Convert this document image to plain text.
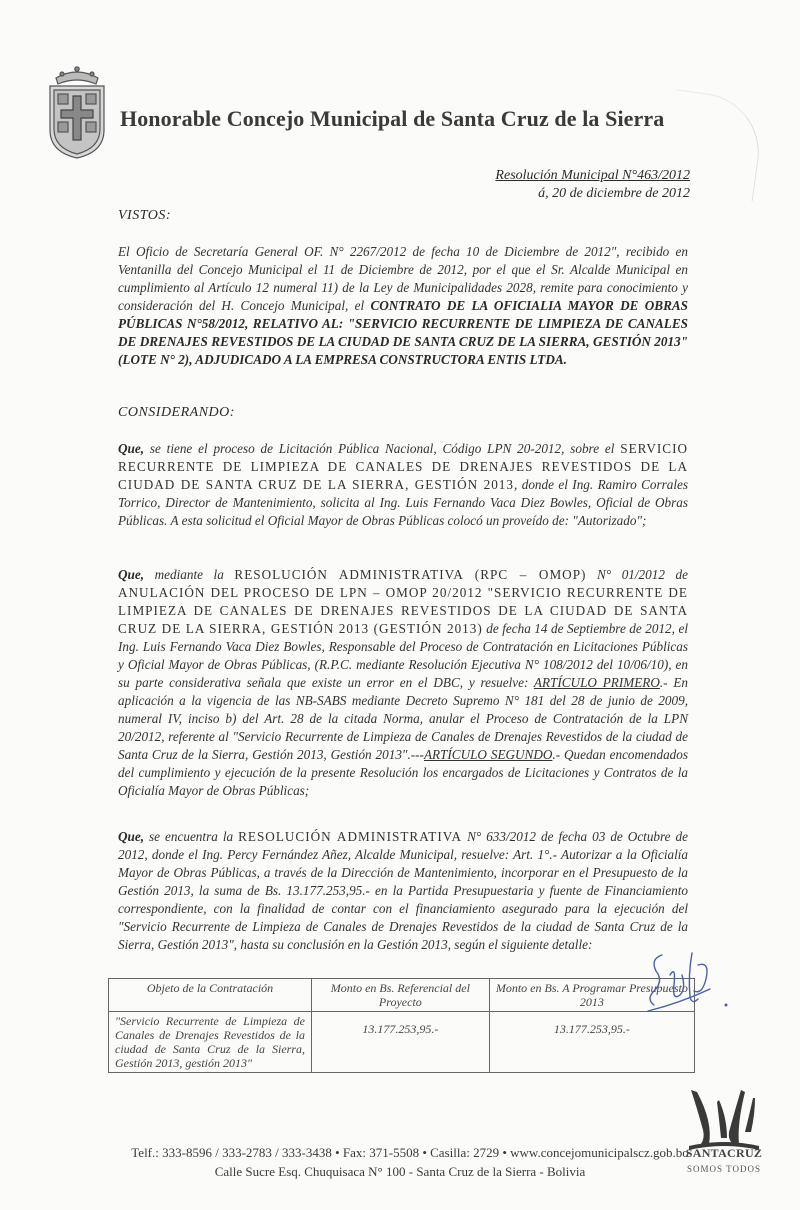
Honorable Concejo Municipal de Santa Cruz de la Sierra
Resolución Municipal N°463/2012
á, 20 de diciembre de 2012
VISTOS:
El Oficio de Secretaría General OF. N° 2267/2012 de fecha 10 de Diciembre de 2012", recibido en Ventanilla del Concejo Municipal el 11 de Diciembre de 2012, por el que el Sr. Alcalde Municipal en cumplimiento al Artículo 12 numeral 11) de la Ley de Municipalidades 2028, remite para conocimiento y consideración del H. Concejo Municipal, el CONTRATO DE LA OFICIALIA MAYOR DE OBRAS PÚBLICAS N°58/2012, RELATIVO AL: "SERVICIO RECURRENTE DE LIMPIEZA DE CANALES DE DRENAJES REVESTIDOS DE LA CIUDAD DE SANTA CRUZ DE LA SIERRA, GESTIÓN 2013" (LOTE N° 2), ADJUDICADO A LA EMPRESA CONSTRUCTORA ENTIS LTDA.
CONSIDERANDO:
Que, se tiene el proceso de Licitación Pública Nacional, Código LPN 20-2012, sobre el SERVICIO RECURRENTE DE LIMPIEZA DE CANALES DE DRENAJES REVESTIDOS DE LA CIUDAD DE SANTA CRUZ DE LA SIERRA, GESTIÓN 2013, donde el Ing. Ramiro Corrales Torrico, Director de Mantenimiento, solicita al Ing. Luis Fernando Vaca Diez Bowles, Oficial de Obras Públicas. A esta solicitud el Oficial Mayor de Obras Públicas colocó un proveído de: "Autorizado";
Que, mediante la RESOLUCIÓN ADMINISTRATIVA (RPC – OMOP) N° 01/2012 de ANULACIÓN DEL PROCESO DE LPN – OMOP 20/2012 "SERVICIO RECURRENTE DE LIMPIEZA DE CANALES DE DRENAJES REVESTIDOS DE LA CIUDAD DE SANTA CRUZ DE LA SIERRA, GESTIÓN 2013 (GESTIÓN 2013) de fecha 14 de Septiembre de 2012, el Ing. Luis Fernando Vaca Diez Bowles, Responsable del Proceso de Contratación en Licitaciones Públicas y Oficial Mayor de Obras Públicas, (R.P.C. mediante Resolución Ejecutiva N° 108/2012 del 10/06/10), en su parte considerativa señala que existe un error en el DBC, y resuelve: ARTÍCULO PRIMERO.- En aplicación a la vigencia de las NB-SABS mediante Decreto Supremo N° 181 del 28 de junio de 2009, numeral IV, inciso b) del Art. 28 de la citada Norma, anular el Proceso de Contratación de la LPN 20/2012, referente al "Servicio Recurrente de Limpieza de Canales de Drenajes Revestidos de la ciudad de Santa Cruz de la Sierra, Gestión 2013, Gestión 2013".---ARTÍCULO SEGUNDO.- Quedan encomendados del cumplimiento y ejecución de la presente Resolución los encargados de Licitaciones y Contratos de la Oficialía Mayor de Obras Públicas;
Que, se encuentra la RESOLUCIÓN ADMINISTRATIVA N° 633/2012 de fecha 03 de Octubre de 2012, donde el Ing. Percy Fernández Añez, Alcalde Municipal, resuelve: Art. 1°.- Autorizar a la Oficialía Mayor de Obras Públicas, a través de la Dirección de Mantenimiento, incorporar en el Presupuesto de la Gestión 2013, la suma de Bs. 13.177.253,95.- en la Partida Presupuestaria y fuente de Financiamiento correspondiente, con la finalidad de contar con el financiamiento asegurado para la ejecución del "Servicio Recurrente de Limpieza de Canales de Drenajes Revestidos de la ciudad de Santa Cruz de la Sierra, Gestión 2013", hasta su conclusión en la Gestión 2013, según el siguiente detalle:
Objeto de la Contratación	Monto en Bs. Referencial del Proyecto	Monto en Bs. A Programar Presupuesto 2013
"Servicio Recurrente de Limpieza de Canales de Drenajes Revestidos de la ciudad de Santa Cruz de la Sierra, Gestión 2013, gestión 2013"	13.177.253,95.-	13.177.253,95.-
Telf.: 333-8596 / 333-2783 / 333-3438 • Fax: 371-5508 • Casilla: 2729 • www.concejomunicipalscz.gob.bo
Calle Sucre Esq. Chuquisaca N° 100 - Santa Cruz de la Sierra - Bolivia
SANTACRUZ
SOMOS TODOS
